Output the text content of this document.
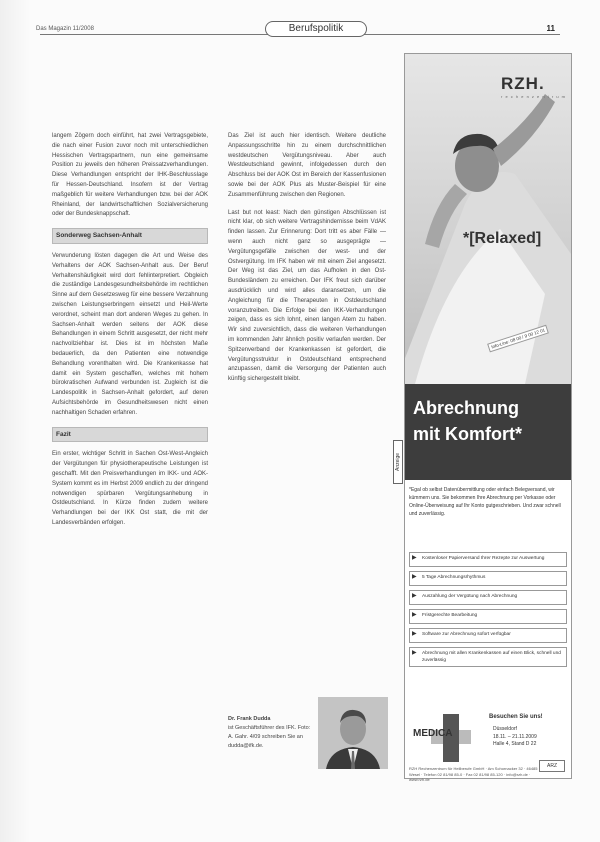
Das Magazin 11/2008	Berufspolitik	11

langem Zögern doch einführt, hat zwei Vertragsgebiete, die nach einer Fusion zuvor noch mit unterschiedlichen Hessischen Vertragspartnern, nun eine gemeinsame Position zu jeweils den höheren Preissatzverhandlungen. Diese Verhandlungen entspricht der IHK-Beschlusslage für Hessen-Deutschland. Insofern ist der Vertrag maßgeblich für weitere Verhandlungen bzw. bei der AOK Rheinland, der landwirtschaftlichen Sozialversicherung oder der Bundesknappschaft.

Sonderweg Sachsen-Anhalt

Verwunderung lösten dagegen die Art und Weise des Verhaltens der AOK Sachsen-Anhalt aus. Der Beruf Verhaltenshäufigkeit wird dort fehlinterpretiert. Obgleich die zuständige Landesgesundheitsbehörde im rechtlichen Sinne auf dem Gesetzesweg für eine bessere Verzahnung zwischen Leistungserbringern einsetzt und Heil-Werte verordnet, scheint man dort anderen Weges zu gehen. In Sachsen-Anhalt werden seitens der AOK diese Behandlungen in einem Schritt ausgesetzt, der nicht mehr nachvollziehbar ist. Dies ist im höchsten Maße bedauerlich, da den Patienten eine notwendige Behandlung vorenthalten wird. Die Krankenkasse hat damit ein System geschaffen, welches mit hohem bürokratischen Aufwand verbunden ist. Zugleich ist die Landespolitik in Sachsen-Anhalt gefordert, auf deren Aufsichtsbehörde im Gesundheitswesen nicht einen nachhaltigen Schaden erfahren.

Fazit

Ein erster, wichtiger Schritt in Sachen Ost-West-Angleich der Vergütungen für physiotherapeutische Leistungen ist geschafft. Mit den Preisverhandlungen im IKK- und AOK-System kommt es im Herbst 2009 endlich zu der dringend notwendigen spürbaren Vergütungsanhebung in Ostdeutschland. In Kürze finden zudem weitere Verhandlungen bei der IKK Ost statt, die mit der Landesverbänden erfolgen.

Das Ziel ist auch hier identisch. Weitere deutliche Anpassungsschritte hin zu einem durchschnittlichen westdeutschen Vergütungsniveau. Aber auch Westdeutschland gewinnt, infolgedessen durch den Abschluss bei der AOK Ost im Bereich der Kassenfusionen sowie bei der AOK Plus als Muster-Beispiel für eine Zusammenführung zwischen den Regionen.

Last but not least: Nach den günstigen Abschlüssen ist nicht klar, ob sich weitere Vertragshindernisse beim VdAK finden lassen. Zur Erinnerung: Dort tritt es aber Fälle — wenn auch nicht ganz so ausgeprägte — Vergütungsgefälle zwischen der west- und der Ostvergütung. Im IFK haben wir mit einem Ziel angesetzt. Der Weg ist das Ziel, um das Aufholen in den Ost-Bundesländern zu erreichen. Der IFK freut sich darüber ausdrücklich und wird alles daransetzen, um die Angleichung für die Therapeuten in Ostdeutschland voranzutreiben. Die Erfolge bei den IKK-Verhandlungen zeigen, dass es sich lohnt, einen langen Atem zu haben. Wir sind zuversichtlich, dass die weiteren Verhandlungen im kommenden Jahr ähnlich positiv verlaufen werden. Der Spitzenverband der Krankenkassen ist gefordert, die Vergütungsstruktur in Ostdeutschland entsprechend anzupassen, damit die Versorgung der Patienten auch künftig sichergestellt bleibt.

Dr. Frank Dudda
ist Geschäftsführer des IFK. Foto: A. Gahr. 4/09 schreiben Sie an dudda@ifk.de.
Anzeige
RZH.
r e c h e n z e n t r u m
*[Relaxed]
Info-Line: 08 00 / 9 00 12 01
Abrechnung
mit Komfort*
*Egal ob selbst Datenübermittlung oder einfach Belegversand, wir kümmern uns. Sie bekommen Ihre Abrechnung per Vorkasse oder Online-Überweisung auf Ihr Konto gutgeschrieben. Und zwar schnell und zuverlässig.
▶ Kostenloser Papierversand Ihrer Rezepte zur Auswertung
▶ 5 Tage Abrechnungsrhythmus
▶ Auszahlung der Vergütung nach Abrechnung
▶ Fristgerechte Bearbeitung
▶ Software zur Abrechnung sofort verfügbar
▶ Abrechnung mit allen Krankenkassen auf einen Blick, schnell und zuverlässig
MEDICA
Besuchen Sie uns!
Düsseldorf
18.11. – 21.11.2009
Halle 4, Stand D 22
RZH Rechenzentrum für Heilberufe GmbH · Am Schornacker 32 · 46485 Wesel · Telefon 02 81/98 85-0 · Fax 02 81/98 85-120 · info@rzh.de · www.rzh.de
ARZ
